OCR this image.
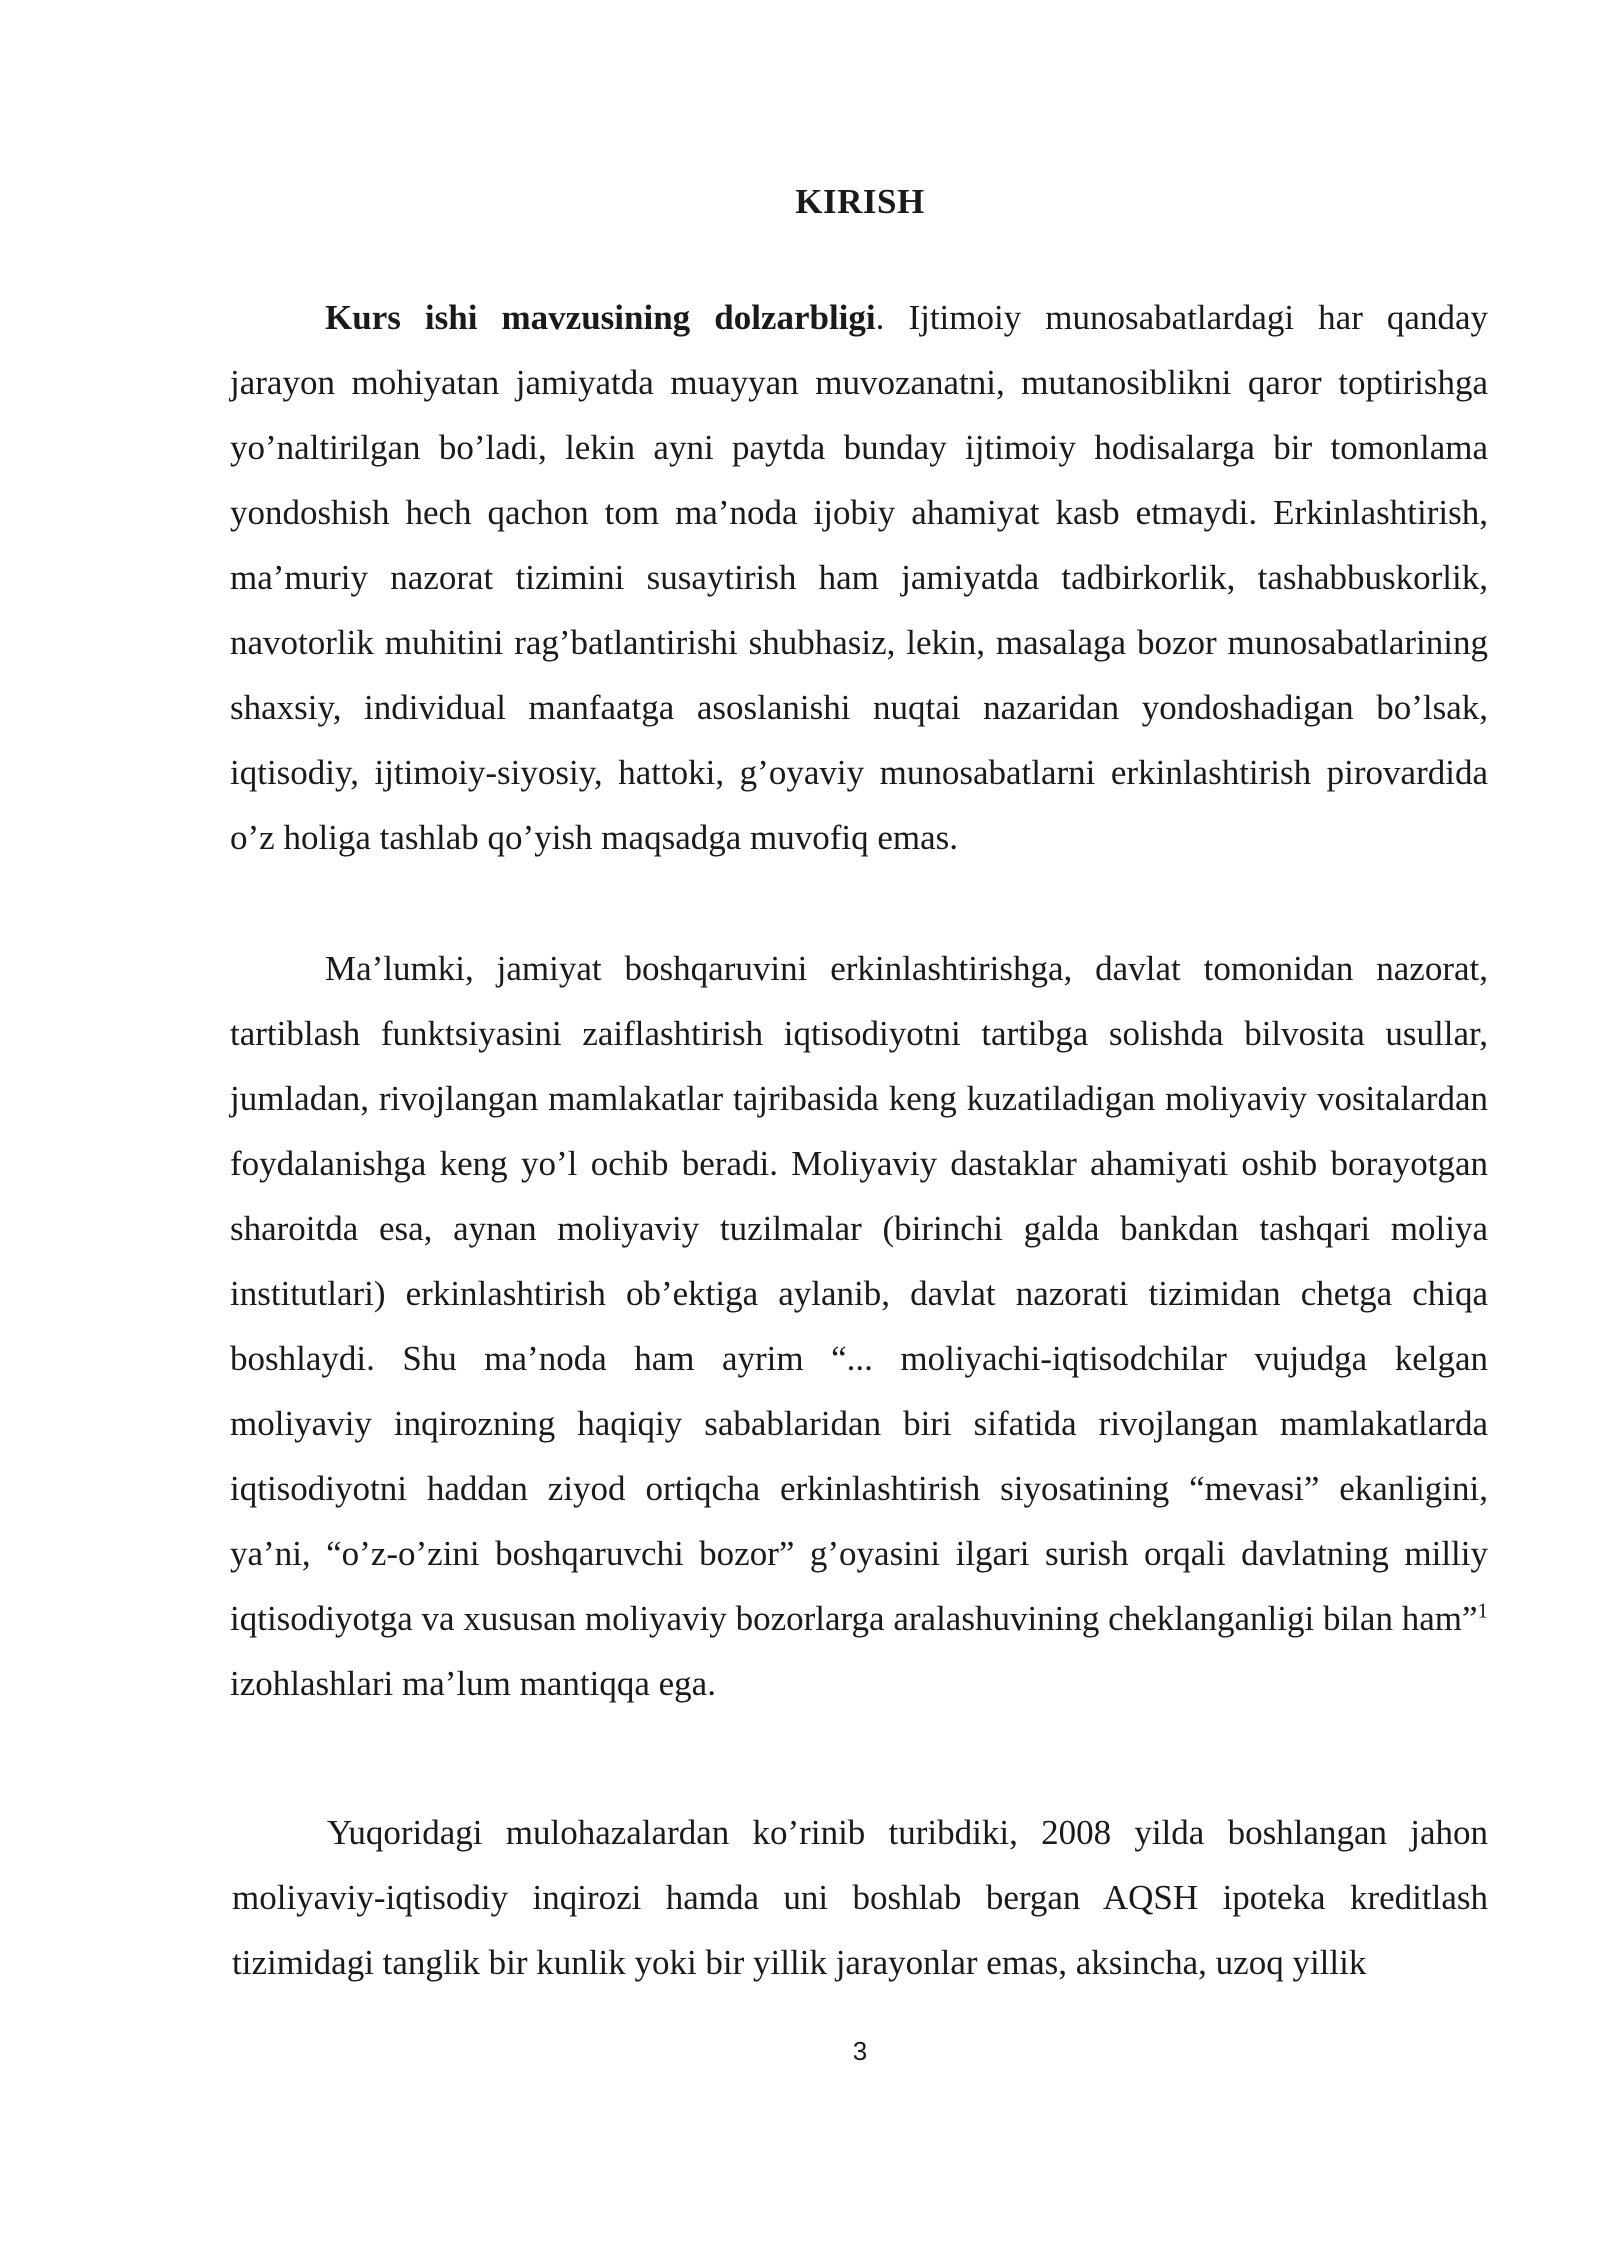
KIRISH

Kurs ishi mavzusining dolzarbligi. Ijtimoiy munosabatlardagi har qanday jarayon mohiyatan jamiyatda muayyan muvozanatni, mutanosiblikni qaror toptirishga yo’naltirilgan bo’ladi, lekin ayni paytda bunday ijtimoiy hodisalarga bir tomonlama yondoshish hech qachon tom ma’noda ijobiy ahamiyat kasb etmaydi. Erkinlashtirish, ma’muriy nazorat tizimini susaytirish ham jamiyatda tadbirkorlik, tashabbuskorlik, navotorlik muhitini rag’batlantirishi shubhasiz, lekin, masalaga bozor munosabatlarining shaxsiy, individual manfaatga asoslanishi nuqtai nazaridan yondoshadigan bo’lsak, iqtisodiy, ijtimoiy-siyosiy, hattoki, g’oyaviy munosabatlarni erkinlashtirish pirovardida o’z holiga tashlab qo’yish maqsadga muvofiq emas.

Ma’lumki, jamiyat boshqaruvini erkinlashtirishga, davlat tomonidan nazorat, tartiblash funktsiyasini zaiflashtirish iqtisodiyotni tartibga solishda bilvosita usullar, jumladan, rivojlangan mamlakatlar tajribasida keng kuzatiladigan moliyaviy vositalardan foydalanishga keng yo’l ochib beradi. Moliyaviy dastaklar ahamiyati oshib borayotgan sharoitda esa, aynan moliyaviy tuzilmalar (birinchi galda bankdan tashqari moliya institutlari) erkinlashtirish ob’ektiga aylanib, davlat nazorati tizimidan chetga chiqa boshlaydi. Shu ma’noda ham ayrim “... moliyachi-iqtisodchilar vujudga kelgan moliyaviy inqirozning haqiqiy sabablaridan biri sifatida rivojlangan mamlakatlarda iqtisodiyotni haddan ziyod ortiqcha erkinlashtirish siyosatining “mevasi” ekanligini, ya’ni, “o’z-o’zini boshqaruvchi bozor” g’oyasini ilgari surish orqali davlatning milliy iqtisodiyotga va xususan moliyaviy bozorlarga aralashuvining cheklanganligi bilan ham”$^1$ izohlashlari ma’lum mantiqqa ega.

Yuqoridagi mulohazalardan ko’rinib turibdiki, 2008 yilda boshlangan jahon moliyaviy-iqtisodiy inqirozi hamda uni boshlab bergan AQSH ipoteka kreditlash tizimidagi tanglik bir kunlik yoki bir yillik jarayonlar emas, aksincha, uzoq yillik

3
